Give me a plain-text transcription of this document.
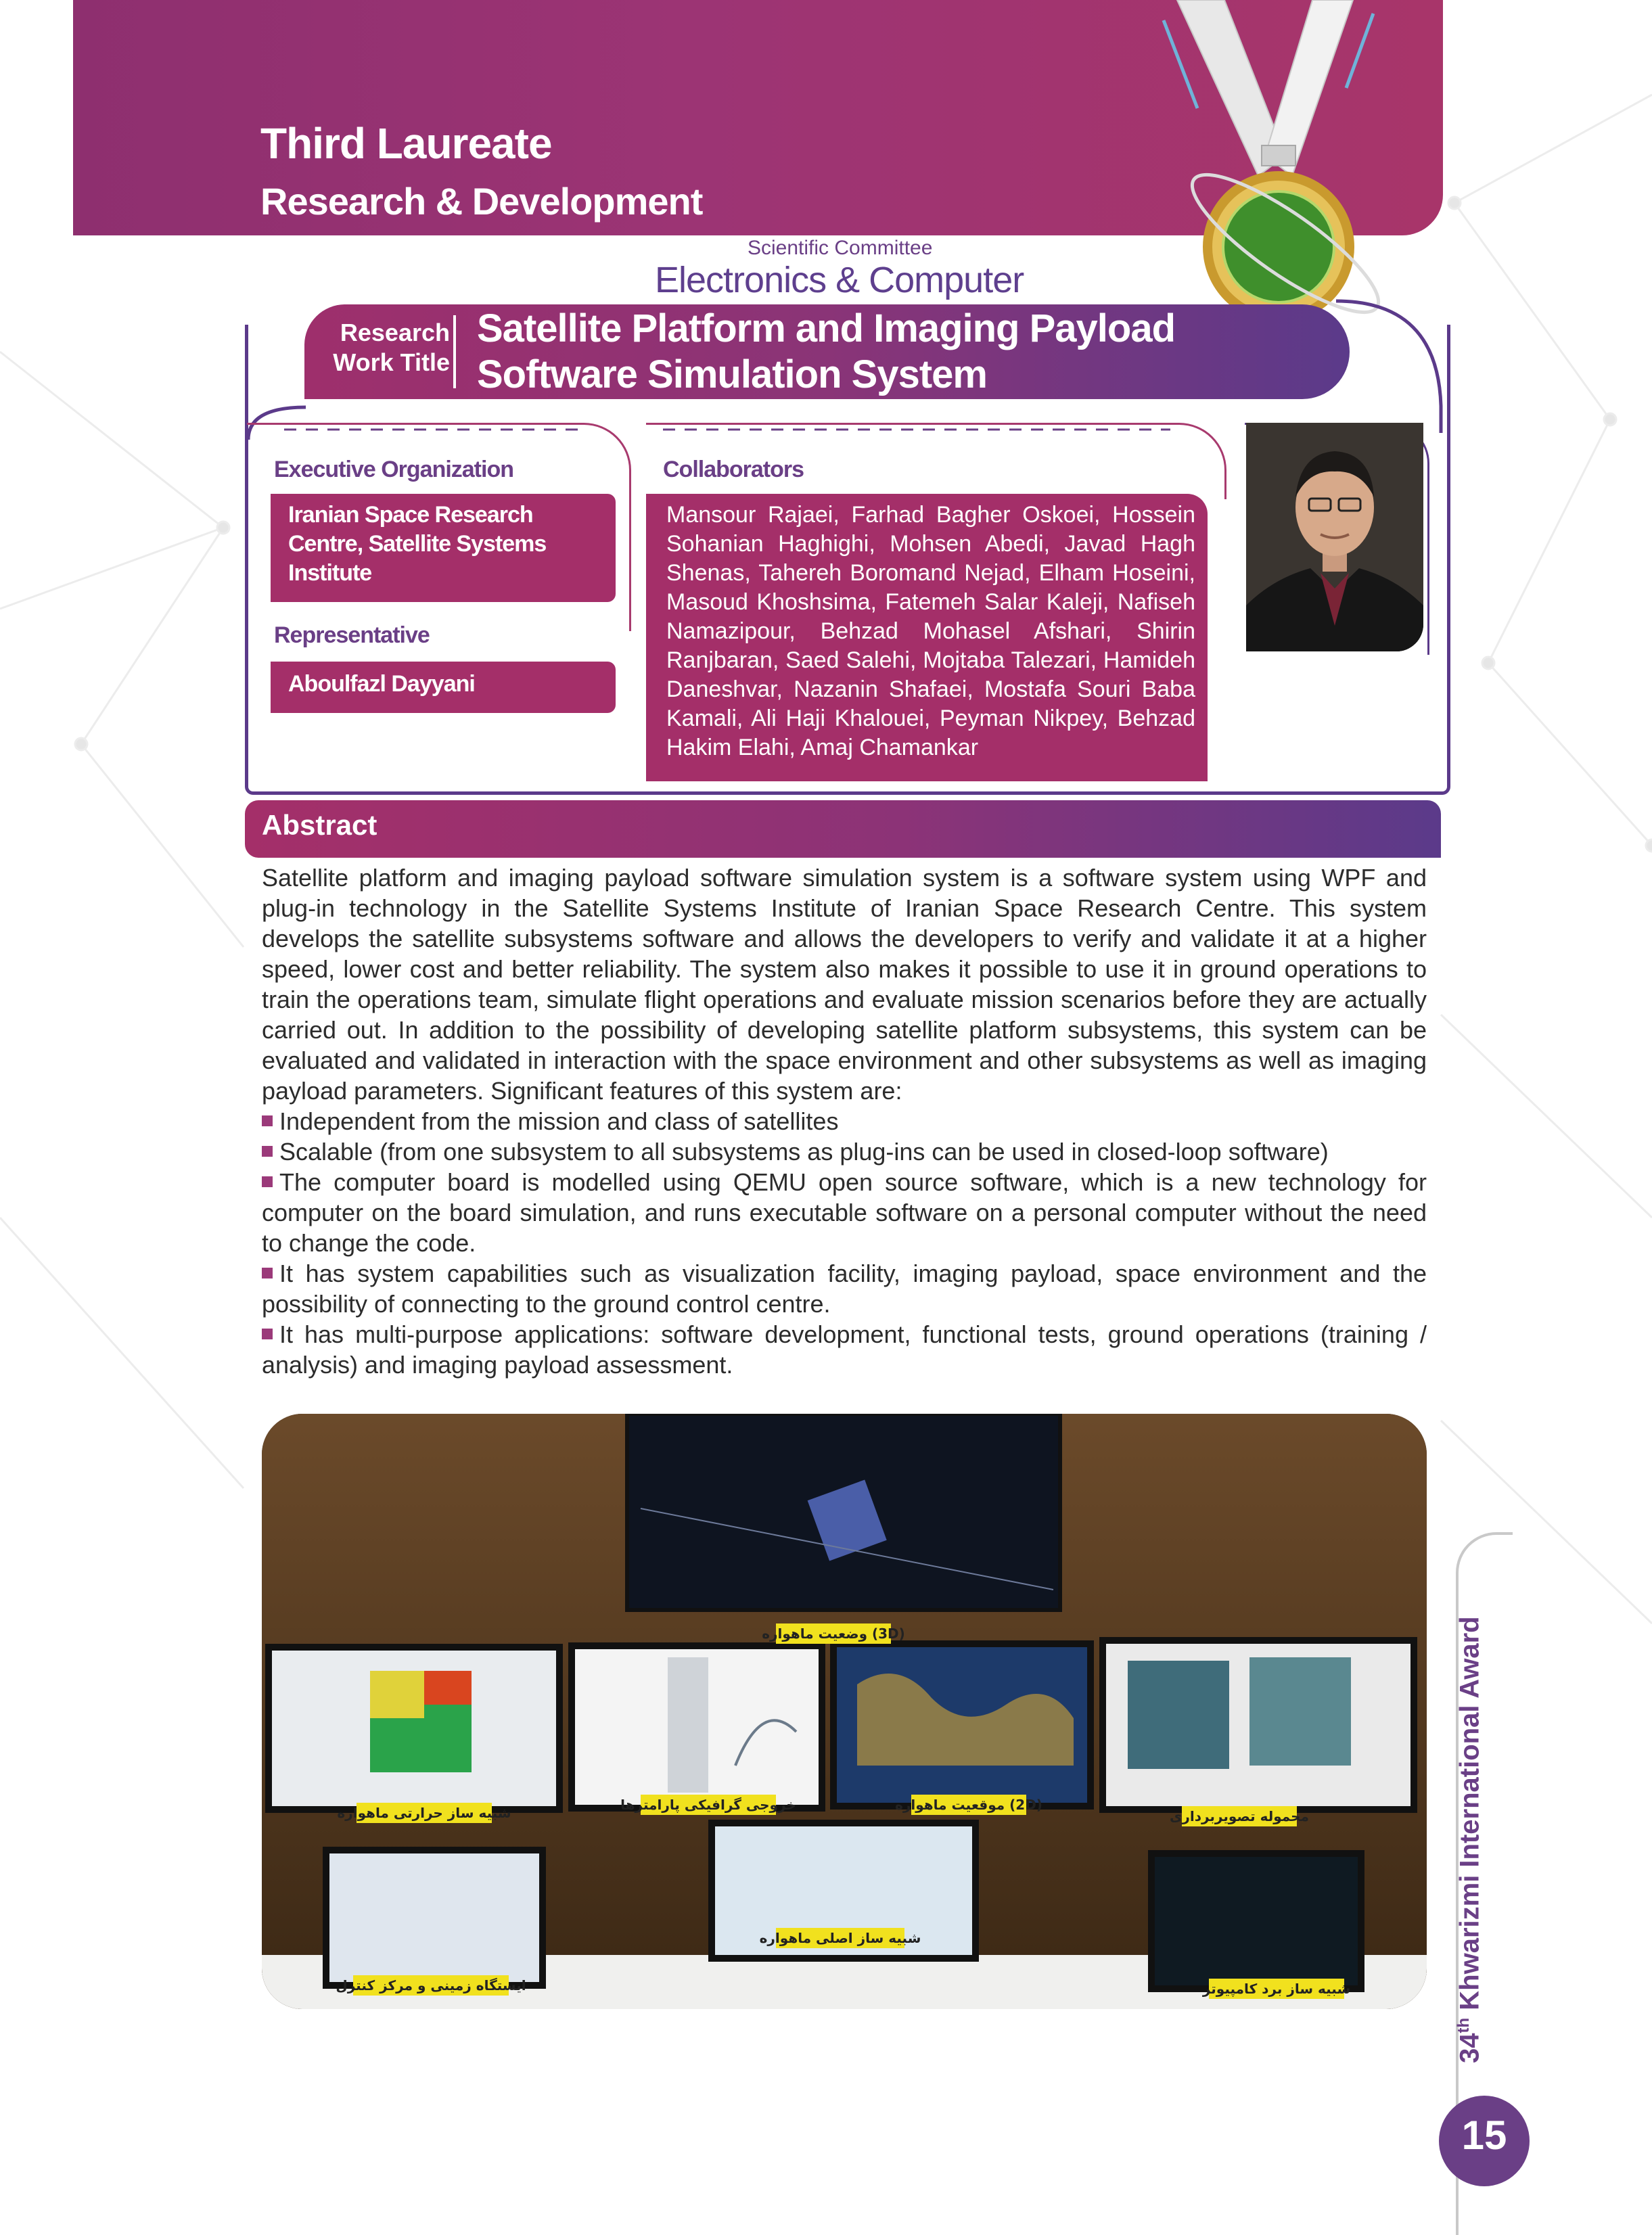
Third Laureate
Research & Development
Scientific Committee
Electronics & Computer
Research
Work Title
Satellite Platform and Imaging Payload
Software Simulation System
Executive Organization
Iranian Space Research
Centre, Satellite Systems
Institute
Representative
Aboulfazl Dayyani
Collaborators
Mansour Rajaei, Farhad Bagher Oskoei, Hossein Sohanian Haghighi, Mohsen Abedi, Javad Hagh Shenas, Tahereh Boromand Nejad, Elham Hoseini, Masoud Khoshsima, Fatemeh Salar Kaleji, Nafiseh Namazipour, Behzad Mohasel Afshari, Shirin Ranjbaran, Saed Salehi, Mojtaba Talezari, Hamideh Daneshvar, Nazanin Shafaei, Mostafa Souri Baba Kamali, Ali Haji Khalouei, Peyman Nikpey, Behzad Hakim Elahi, Amaj Chamankar
Abstract

Satellite platform and imaging payload software simulation system is a software system using WPF and plug-in technology in the Satellite Systems Institute of Iranian Space Research Centre. This system develops the satellite subsystems software and allows the developers to verify and validate it at a higher speed, lower cost and better reliability. The system also makes it possible to use it in ground operations to train the operations team, simulate flight operations and evaluate mission scenarios before they are actually carried out. In addition to the possibility of developing satellite platform subsystems, this system can be evaluated and validated in interaction with the space environment and other subsystems as well as imaging payload parameters. Significant features of this system are:

Independent from the mission and class of satellites
Scalable (from one subsystem to all subsystems as plug-ins can be used in closed-loop software)
The computer board is modelled using QEMU open source software, which is a new technology for computer on the board simulation, and runs executable software on a personal computer without the need to change the code.
It has system capabilities such as visualization facility, imaging payload, space environment and the possibility of connecting to the ground control centre.
It has multi-purpose applications: software development, functional tests, ground operations (training / analysis) and imaging payload assessment.
وضعیت ماهواره (3D)
شبیه ساز حرارتی ماهواره	خروجی گرافیکی پارامترها	موقعیت ماهواره (2D)
محموله تصویربرداری
شبیه ساز اصلی ماهواره
ایستگاه زمینی و مرکز کنترل	شبیه ساز برد کامپیوتر
34th Khwarizmi International Award
15
